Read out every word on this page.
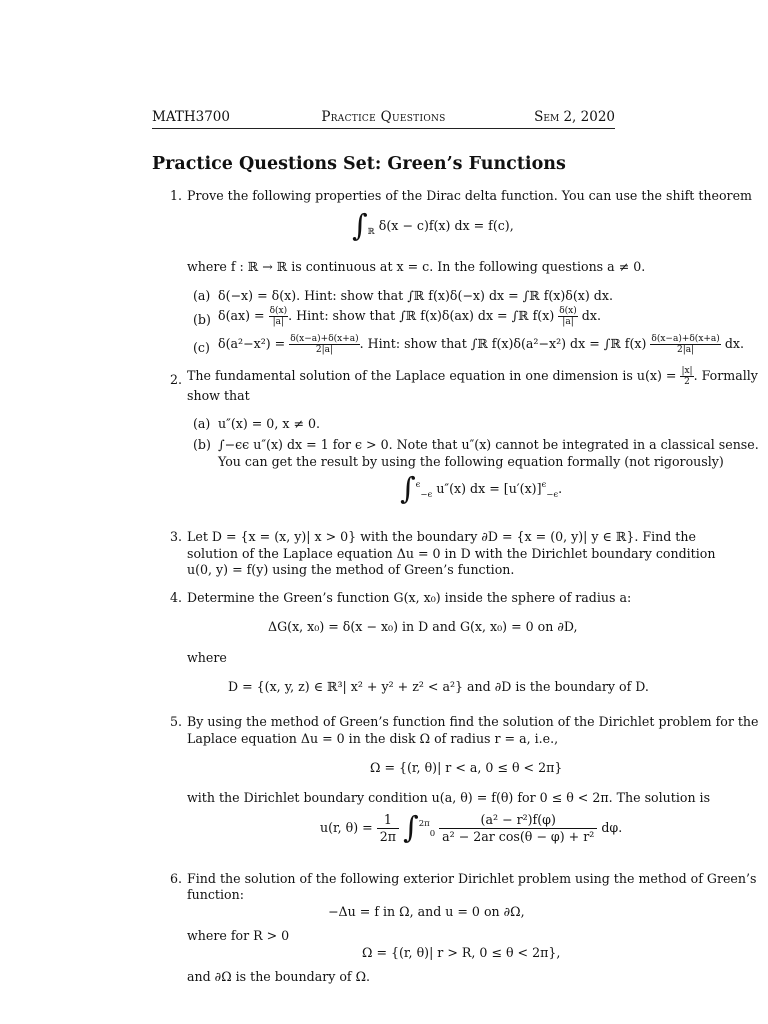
MATH3700	Practice Questions	Sem 2, 2020
Practice Questions Set: Green’s Functions
1. Prove the following properties of the Dirac delta function. You can use the shift theorem
$\int_ℝ$ δ(x − c)f(x) dx = f(c),
where f : ℝ → ℝ is continuous at x = c. In the following questions a ≠ 0.
(a) δ(−x) = δ(x). Hint: show that ∫ℝ f(x)δ(−x) dx = ∫ℝ f(x)δ(x) dx.
(b) $\delta(ax) = \frac{\delta(x)}{|a|}$ . Hint: show that ∫ℝ f(x)δ(ax) dx = ∫ℝ $f(x) \frac{\delta(x)}{|a|}$ dx.
(c) $\delta(a^2-x^2) = \frac{\delta(x-a)+\delta(x+a)}{2|a|}$ . Hint: show that ∫ℝ f(x)δ(a²−x²) dx = ∫ℝ $f(x) \frac{\delta(x-a)+\delta(x+a)}{2|a|}$ dx.
2. The fundamental solution of the Laplace equation in one dimension is $u(x) = \frac{|x|}{2}$ . Formally
show that
(a) u″(x) = 0, x ≠ 0.
(b) ∫−ϵϵ u″(x) dx = 1 for ϵ > 0. Note that u″(x) cannot be integrated in a classical sense.
You can get the result by using the following equation formally (not rigorously)
∫$^\epsilon_{-\epsilon}$ u″(x) dx = $[u'(x)]^\epsilon_{-\epsilon}$.
3. Let D = {x = (x, y)| x > 0} with the boundary ∂D = {x = (0, y)| y ∈ ℝ}. Find the
solution of the Laplace equation Δu = 0 in D with the Dirichlet boundary condition
u(0, y) = f(y) using the method of Green’s function.
4. Determine the Green’s function G(x, x₀) inside the sphere of radius a:
ΔG(x, x₀) = δ(x − x₀) in D and G(x, x₀) = 0 on ∂D,
where
D = {(x, y, z) ∈ ℝ³| x² + y² + z² < a²} and ∂D is the boundary of D.
5. By using the method of Green’s function find the solution of the Dirichlet problem for the
Laplace equation Δu = 0 in the disk Ω of radius r = a, i.e.,
Ω = {(r, θ)| r < a, 0 ≤ θ < 2π}
with the Dirichlet boundary condition u(a, θ) = f(θ) for 0 ≤ θ < 2π. The solution is
u(r, $\theta) = \frac{1}{2\pi} \int^{2\pi}_0 \frac{\text{(a² − r²)f(φ)}}{\text{a² − 2ar cos(θ − φ) + r²}} d\varphi$.
6. Find the solution of the following exterior Dirichlet problem using the method of Green’s
function:
−Δu = f in Ω, and u = 0 on ∂Ω,
where for R > 0
Ω = {(r, θ)| r > R, 0 ≤ θ < 2π},
and ∂Ω is the boundary of Ω.
